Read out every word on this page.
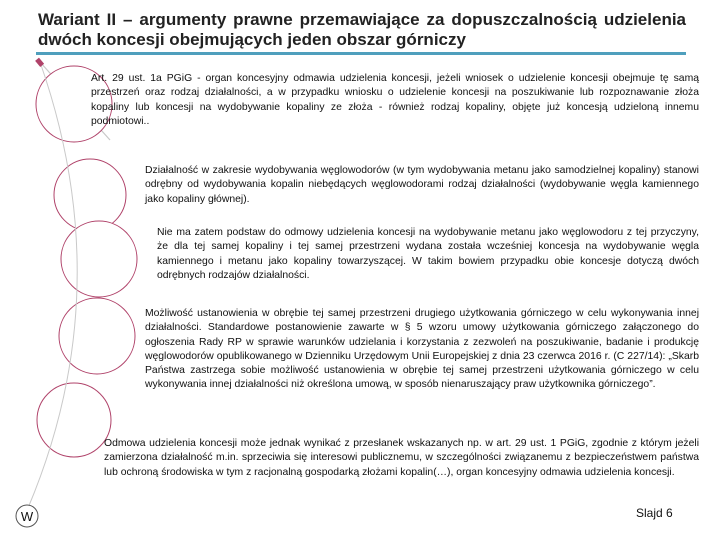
Wariant II – argumenty prawne przemawiające za dopuszczalnością udzielenia dwóch koncesji obejmujących jeden obszar górniczy

Art. 29 ust. 1a PGiG - organ koncesyjny odmawia udzielenia koncesji, jeżeli wniosek o udzielenie koncesji obejmuje tę samą przestrzeń oraz rodzaj działalności, a w przypadku wniosku o udzielenie koncesji na poszukiwanie lub rozpoznawanie złoża kopaliny lub koncesji na wydobywanie kopaliny ze złoża - również rodzaj kopaliny, objęte już koncesją udzieloną innemu podmiotowi..

Działalność w zakresie wydobywania węglowodorów (w tym wydobywania metanu jako samodzielnej kopaliny) stanowi odrębny od wydobywania kopalin niebędących węglowodorami rodzaj działalności (wydobywanie węgla kamiennego jako kopaliny głównej).

Nie ma zatem podstaw do odmowy udzielenia koncesji na wydobywanie metanu jako węglowodoru z tej przyczyny, że dla tej samej kopaliny i tej samej przestrzeni wydana została wcześniej koncesja na wydobywanie węgla kamiennego i metanu jako kopaliny towarzyszącej. W takim bowiem przypadku obie koncesje dotyczą dwóch odrębnych rodzajów działalności.

Możliwość ustanowienia w obrębie tej samej przestrzeni drugiego użytkowania górniczego w celu wykonywania innej działalności. Standardowe postanowienie zawarte w § 5 wzoru umowy użytkowania górniczego załączonego do ogłoszenia Rady RP w sprawie warunków udzielania i korzystania z zezwoleń na poszukiwanie, badanie i produkcję węglowodorów opublikowanego w Dzienniku Urzędowym Unii Europejskiej z dnia 23 czerwca 2016 r. (C 227/14): „Skarb Państwa zastrzega sobie możliwość ustanowienia w obrębie tej samej przestrzeni użytkowania górniczego w celu wykonywania innej działalności niż określona umową, w sposób nienaruszający praw użytkownika górniczego”.

Odmowa udzielenia koncesji może jednak wynikać z przesłanek wskazanych np. w art. 29 ust. 1 PGiG, zgodnie z którym jeżeli zamierzona działalność m.in. sprzeciwia się interesowi publicznemu, w szczególności związanemu z bezpieczeństwem państwa lub ochroną środowiska w tym z racjonalną gospodarką złożami kopalin(…), organ koncesyjny odmawia udzielenia koncesji.

W	Slajd 6
